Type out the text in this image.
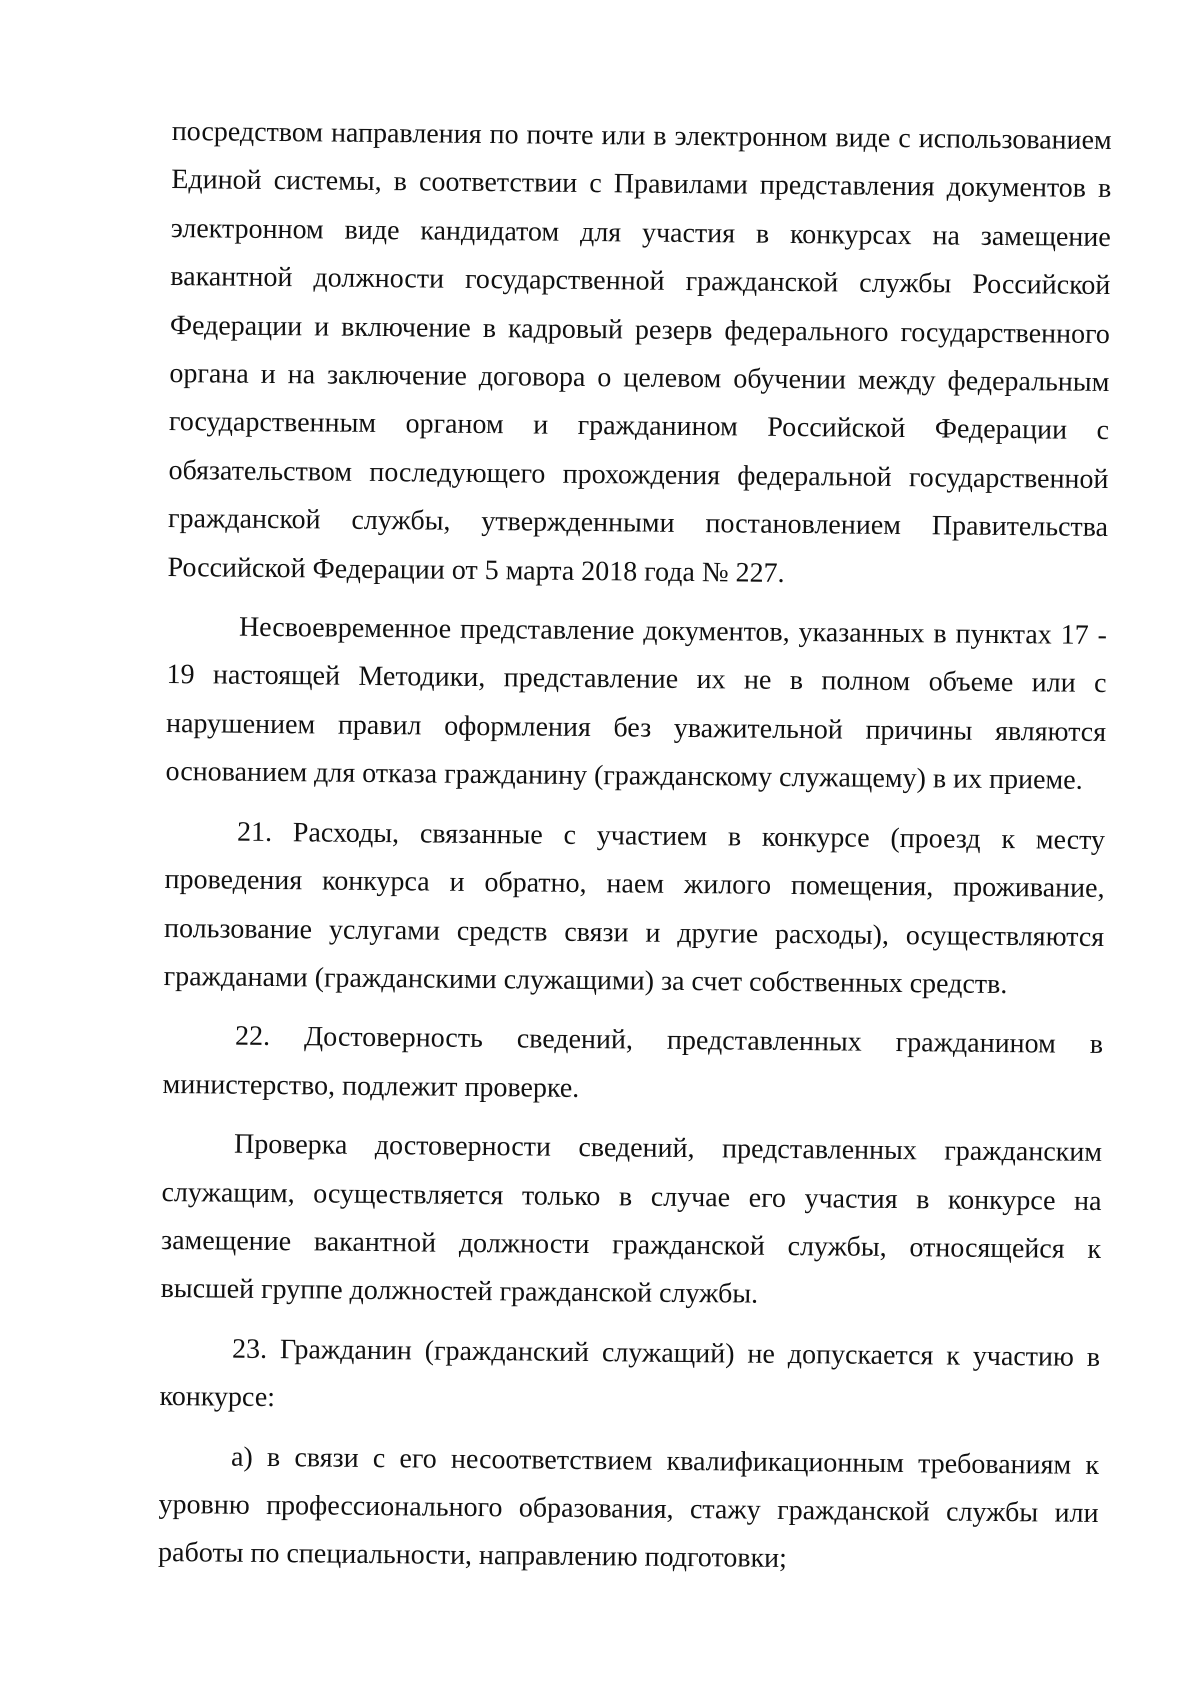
посредством направления по почте или в электронном виде с использованием Единой системы, в соответствии с Правилами представления документов в электронном виде кандидатом для участия в конкурсах на замещение вакантной должности государственной гражданской службы Российской Федерации и включение в кадровый резерв федерального государственного органа и на заключение договора о целевом обучении между федеральным государственным органом и гражданином Российской Федерации с обязательством последующего прохождения федеральной государственной гражданской службы, утвержденными постановлением Правительства Российской Федерации от 5 марта 2018 года № 227.

Несвоевременное представление документов, указанных в пунктах 17 - 19 настоящей Методики, представление их не в полном объеме или с нарушением правил оформления без уважительной причины являются основанием для отказа гражданину (гражданскому служащему) в их приеме.

21. Расходы, связанные с участием в конкурсе (проезд к месту проведения конкурса и обратно, наем жилого помещения, проживание, пользование услугами средств связи и другие расходы), осуществляются гражданами (гражданскими служащими) за счет собственных средств.

22. Достоверность сведений, представленных гражданином в министерство, подлежит проверке.

Проверка достоверности сведений, представленных гражданским служащим, осуществляется только в случае его участия в конкурсе на замещение вакантной должности гражданской службы, относящейся к высшей группе должностей гражданской службы.

23. Гражданин (гражданский служащий) не допускается к участию в конкурсе:

а) в связи с его несоответствием квалификационным требованиям к уровню профессионального образования, стажу гражданской службы или работы по специальности, направлению подготовки;
